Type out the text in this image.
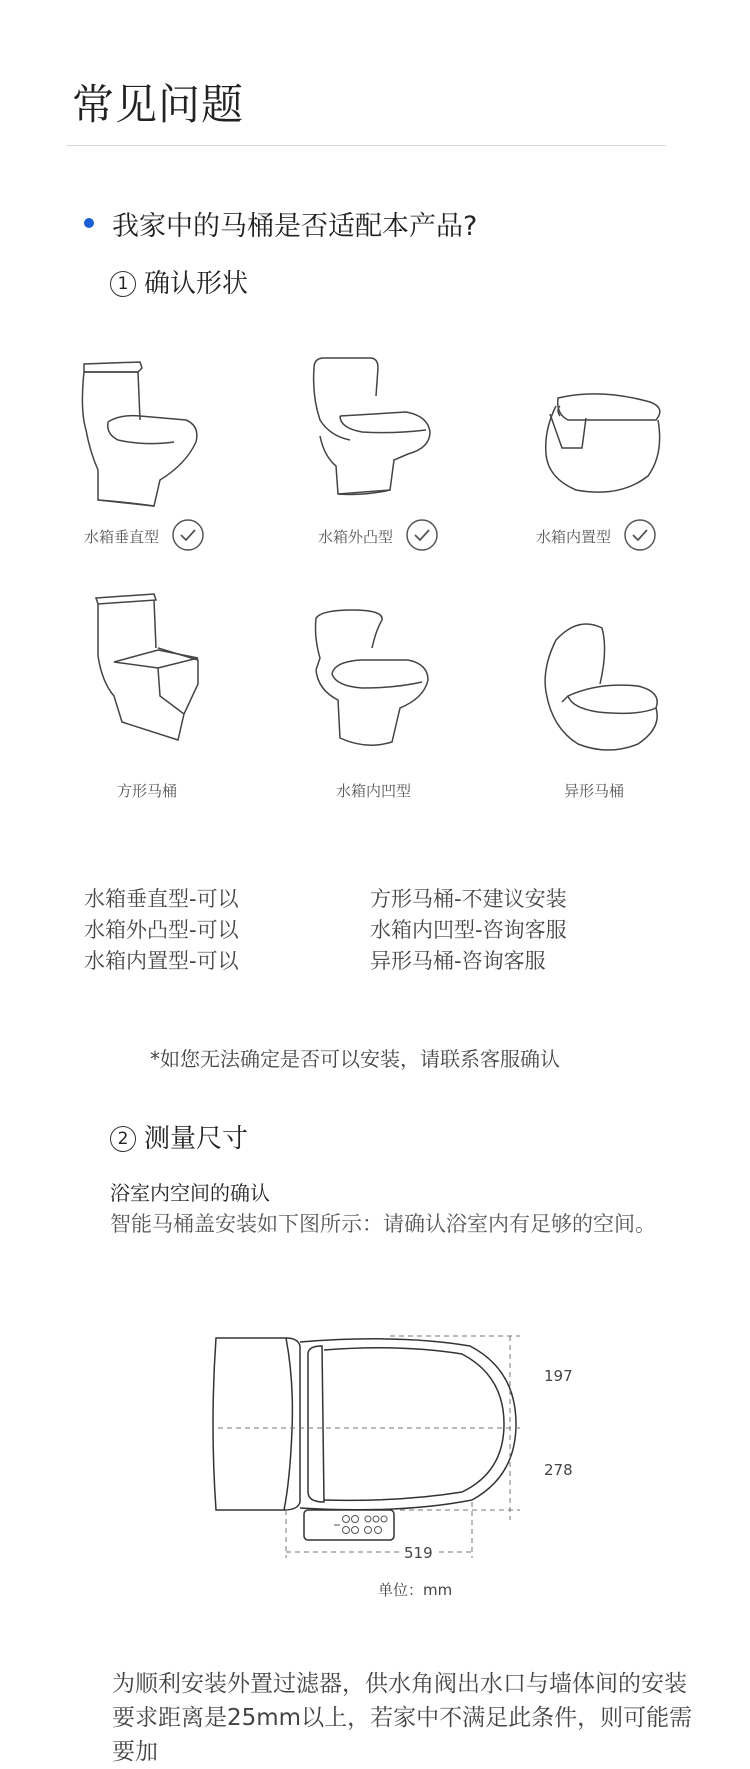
常见问题
我家中的马桶是否适配本产品?
1 确认形状
水箱垂直型	水箱外凸型	水箱内置型
方形马桶	水箱内凹型	异形马桶
水箱垂直型-可以
水箱外凸型-可以
水箱内置型-可以
方形马桶-不建议安装
水箱内凹型-咨询客服
异形马桶-咨询客服
*如您无法确定是否可以安装，请联系客服确认
2 测量尺寸
浴室内空间的确认
智能马桶盖安装如下图所示：请确认浴室内有足够的空间。
197
278
519
单位：mm
为顺利安装外置过滤器，供水角阀出水口与墙体间的安装要求距离是25mm以上，若家中不满足此条件，则可能需要加
